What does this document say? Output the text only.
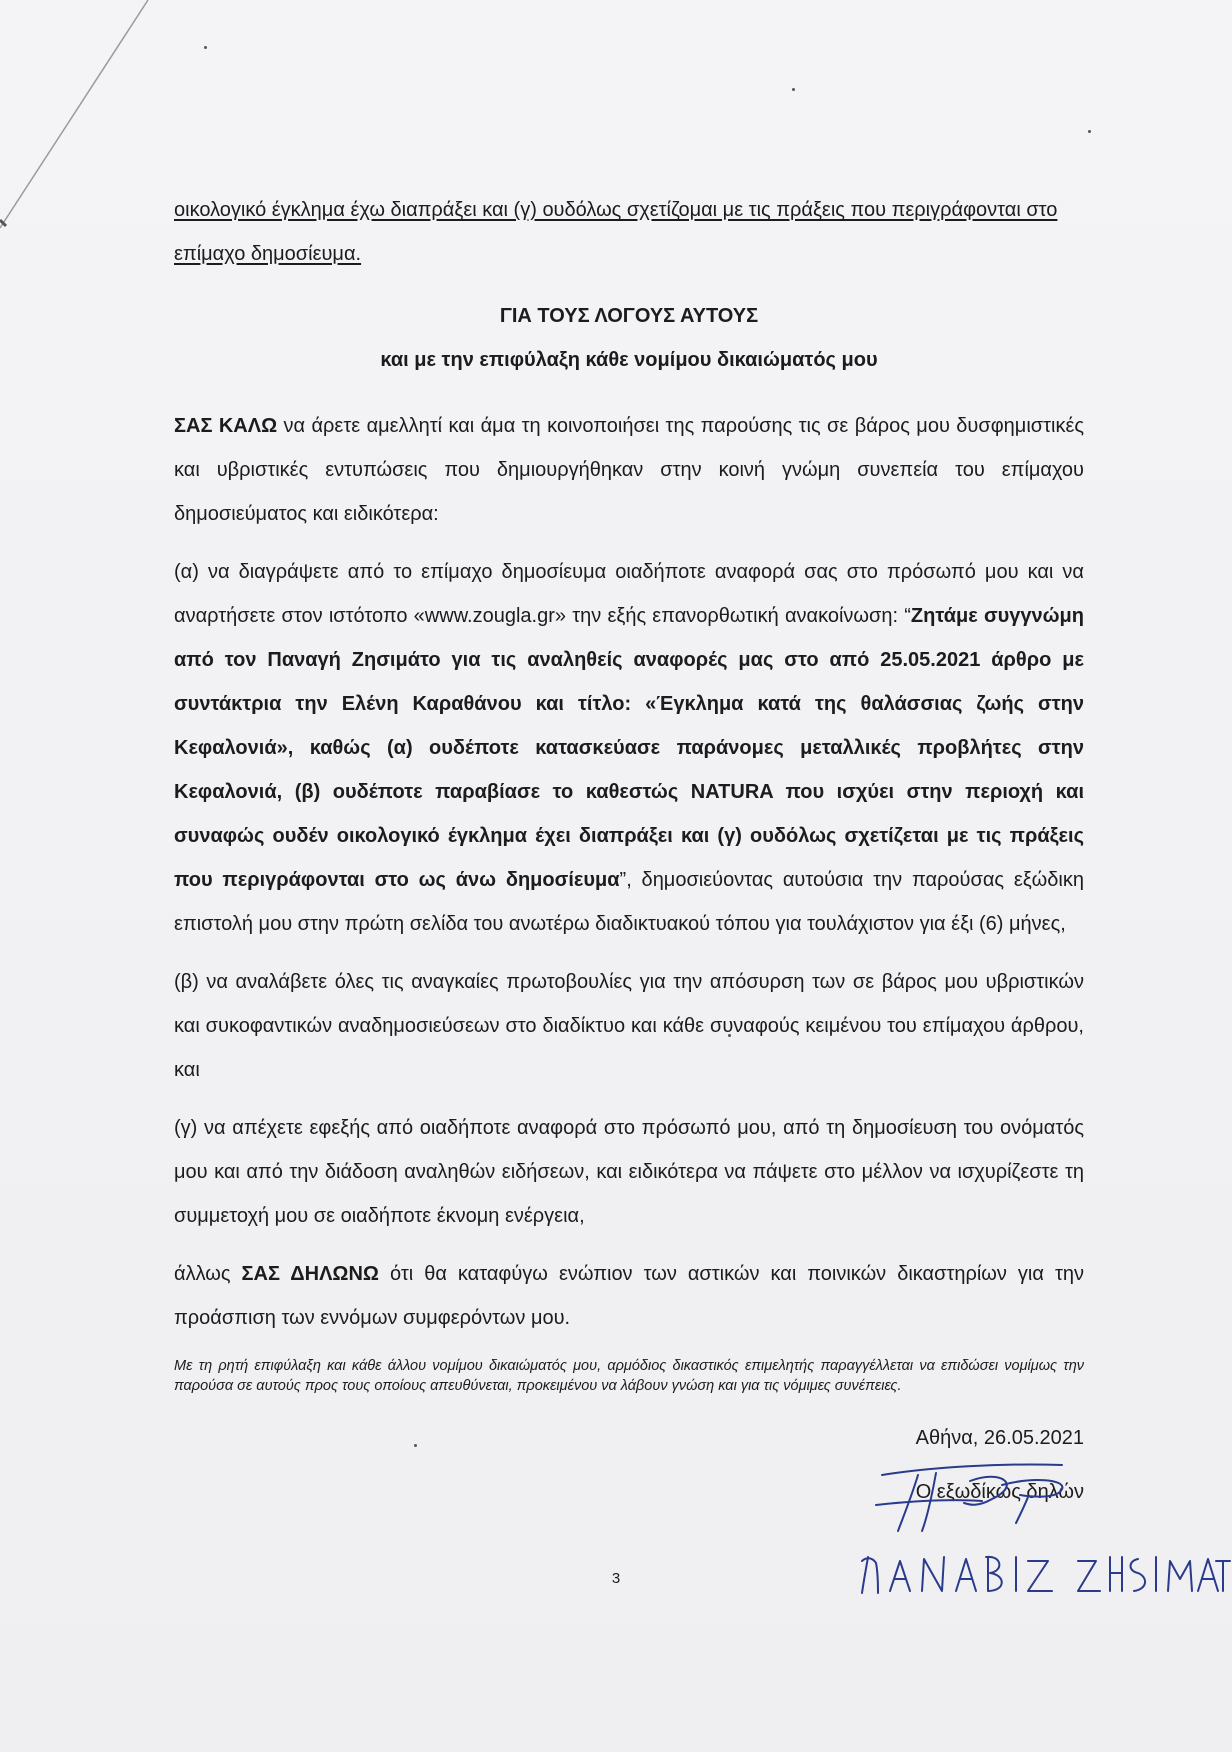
οικολογικό έγκλημα έχω διαπράξει και (γ) ουδόλως σχετίζομαι με τις πράξεις που περιγράφονται στο
επίμαχο δημοσίευμα.

ΓΙΑ ΤΟΥΣ ΛΟΓΟΥΣ ΑΥΤΟΥΣ
και με την επιφύλαξη κάθε νομίμου δικαιώματός μου

ΣΑΣ ΚΑΛΩ να άρετε αμελλητί και άμα τη κοινοποιήσει της παρούσης τις σε βάρος μου δυσφημιστικές και υβριστικές εντυπώσεις που δημιουργήθηκαν στην κοινή γνώμη συνεπεία του επίμαχου δημοσιεύματος και ειδικότερα:

(α) να διαγράψετε από το επίμαχο δημοσίευμα οιαδήποτε αναφορά σας στο πρόσωπό μου και να αναρτήσετε στον ιστότοπο «www.zougla.gr» την εξής επανορθωτική ανακοίνωση: “Ζητάμε συγγνώμη από τον Παναγή Ζησιμάτο για τις αναληθείς αναφορές μας στο από 25.05.2021 άρθρο με συντάκτρια την Ελένη Καραθάνου και τίτλο: «Έγκλημα κατά της θαλάσσιας ζωής στην Κεφαλονιά», καθώς (α) ουδέποτε κατασκεύασε παράνομες μεταλλικές προβλήτες στην Κεφαλονιά, (β) ουδέποτε παραβίασε το καθεστώς NATURA που ισχύει στην περιοχή και συναφώς ουδέν οικολογικό έγκλημα έχει διαπράξει και (γ) ουδόλως σχετίζεται με τις πράξεις που περιγράφονται στο ως άνω δημοσίευμα”, δημοσιεύοντας αυτούσια την παρούσας εξώδικη επιστολή μου στην πρώτη σελίδα του ανωτέρω διαδικτυακού τόπου για τουλάχιστον για έξι (6) μήνες,

(β) να αναλάβετε όλες τις αναγκαίες πρωτοβουλίες για την απόσυρση των σε βάρος μου υβριστικών και συκοφαντικών αναδημοσιεύσεων στο διαδίκτυο και κάθε συναφούς κειμένου του επίμαχου άρθρου, και

(γ) να απέχετε εφεξής από οιαδήποτε αναφορά στο πρόσωπό μου, από τη δημοσίευση του ονόματός μου και από την διάδοση αναληθών ειδήσεων, και ειδικότερα να πάψετε στο μέλλον να ισχυρίζεστε τη συμμετοχή μου σε οιαδήποτε έκνομη ενέργεια,

άλλως ΣΑΣ ΔΗΛΩΝΩ ότι θα καταφύγω ενώπιον των αστικών και ποινικών δικαστηρίων για την προάσπιση των εννόμων συμφερόντων μου.

Με τη ρητή επιφύλαξη και κάθε άλλου νομίμου δικαιώματός μου, αρμόδιος δικαστικός επιμελητής παραγγέλλεται να επιδώσει νομίμως την παρούσα σε αυτούς προς τους οποίους απευθύνεται, προκειμένου να λάβουν γνώση και για τις νόμιμες συνέπειες.

Αθήνα, 26.05.2021
Ο εξωδίκως δηλών
3
